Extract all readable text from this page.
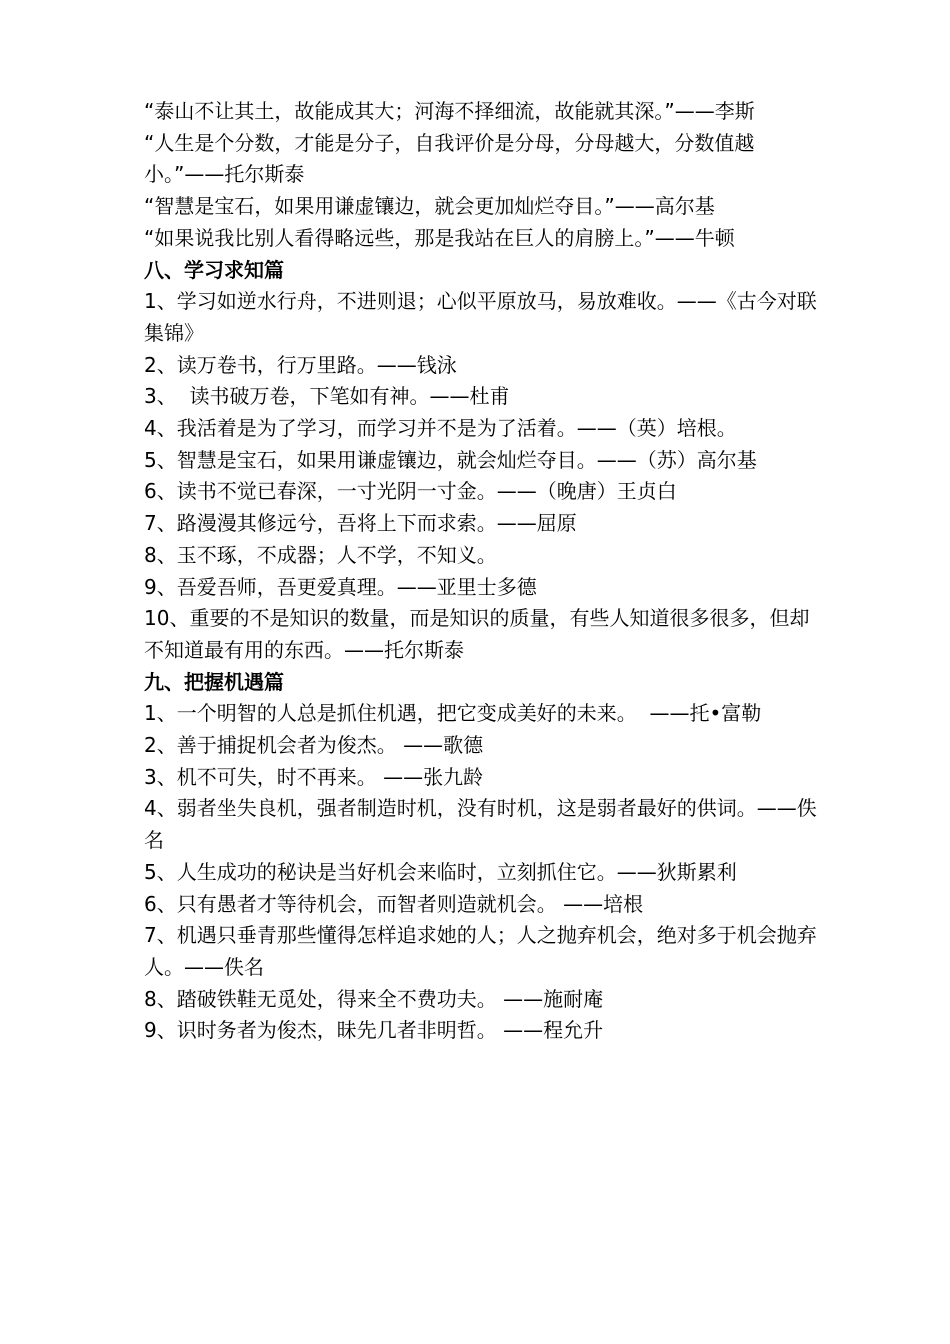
“泰山不让其土，故能成其大；河海不择细流，故能就其深。”——李斯
“人生是个分数，才能是分子，自我评价是分母，分母越大，分数值越小。”——托尔斯泰
“智慧是宝石，如果用谦虚镶边，就会更加灿烂夺目。”——高尔基
“如果说我比别人看得略远些，那是我站在巨人的肩膀上。”——牛顿
八、学习求知篇
1、学习如逆水行舟，不进则退；心似平原放马，易放难收。——《古今对联集锦》
2、读万卷书，行万里路。——钱泳
3、  读书破万卷，下笔如有神。——杜甫
4、我活着是为了学习，而学习并不是为了活着。——（英）培根。
5、智慧是宝石，如果用谦虚镶边，就会灿烂夺目。——（苏）高尔基
6、读书不觉已春深，一寸光阴一寸金。——（晚唐）王贞白
7、路漫漫其修远兮，吾将上下而求索。——屈原
8、玉不琢，不成器；人不学，不知义。
9、吾爱吾师，吾更爱真理。——亚里士多德
10、重要的不是知识的数量，而是知识的质量，有些人知道很多很多，但却不知道最有用的东西。——托尔斯泰
九、把握机遇篇
1、一个明智的人总是抓住机遇，把它变成美好的未来。  ——托•富勒
2、善于捕捉机会者为俊杰。 ——歌德
3、机不可失，时不再来。 ——张九龄
4、弱者坐失良机，强者制造时机，没有时机，这是弱者最好的供词。——佚名
5、人生成功的秘诀是当好机会来临时，立刻抓住它。——狄斯累利
6、只有愚者才等待机会，而智者则造就机会。 ——培根
7、机遇只垂青那些懂得怎样追求她的人；人之抛弃机会，绝对多于机会抛弃人。——佚名
8、踏破铁鞋无觅处，得来全不费功夫。 ——施耐庵
9、识时务者为俊杰，昧先几者非明哲。 ——程允升
